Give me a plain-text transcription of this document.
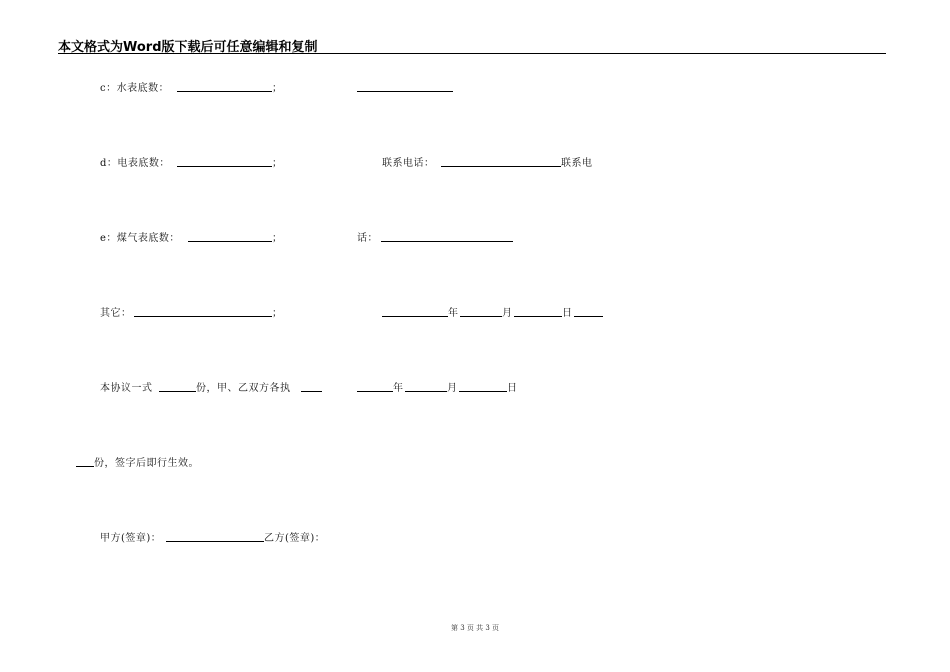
本文格式为Word版下载后可任意编辑和复制
c：水表底数：	；
d：电表底数：	；	联系电话：	联系电
e：煤气表底数：	；	话：
其它：	；	年	月	日
本协议一式	份，甲、乙双方各执	年	月	日
份，签字后即行生效。
甲方(签章)：	乙方(签章)：
第 3 页 共 3 页
